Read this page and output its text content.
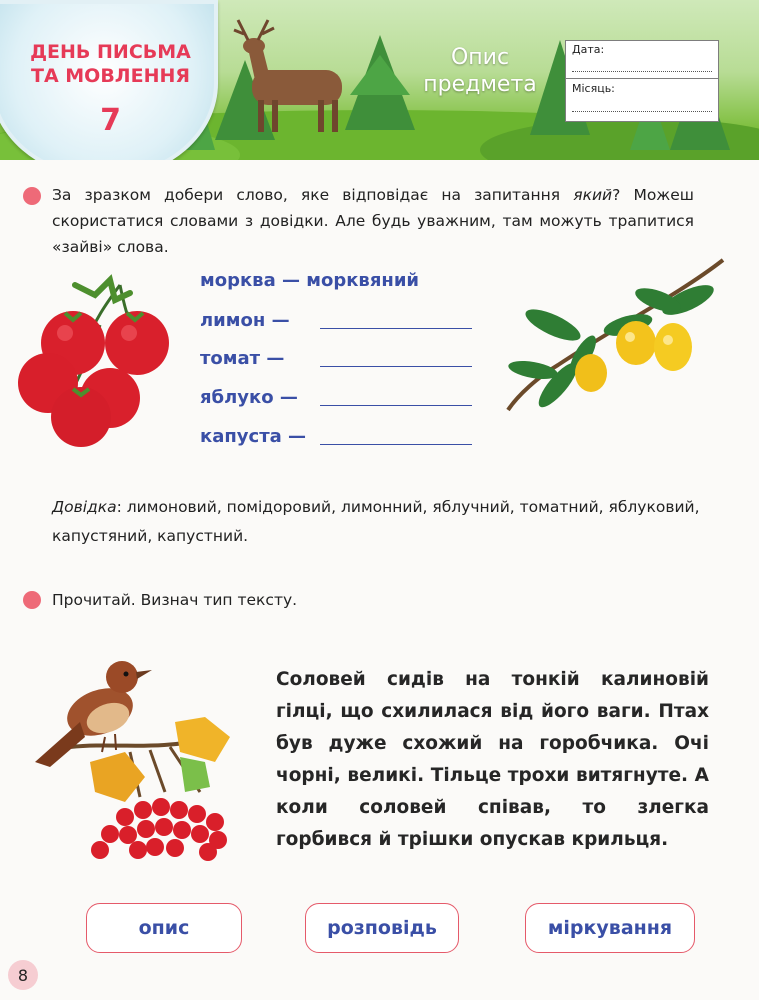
ДЕНЬ ПИСЬМА
ТА МОВЛЕННЯ
7
Опис
предмета
Дата:
Місяць:
За зразком добери слово, яке відповідає на запитання який? Можеш скористатися словами з довідки. Але будь уважним, там можуть трапитися «зайві» слова.
морква — морквяний
лимон —
томат —
яблуко —
капуста —
Довідка: лимоновий, помідоровий, лимонний, яблучний, томатний, яблуковий, капустяний, капустний.
Прочитай. Визнач тип тексту.
Соловей сидів на тонкій калиновій гілці, що схилилася від його ваги. Птах був дуже схожий на горобчика. Очі чорні, великі. Тільце трохи витягнуте. А коли соловей співав, то злегка горбився й трішки опускав крильця.
опис	розповідь	міркування
8
